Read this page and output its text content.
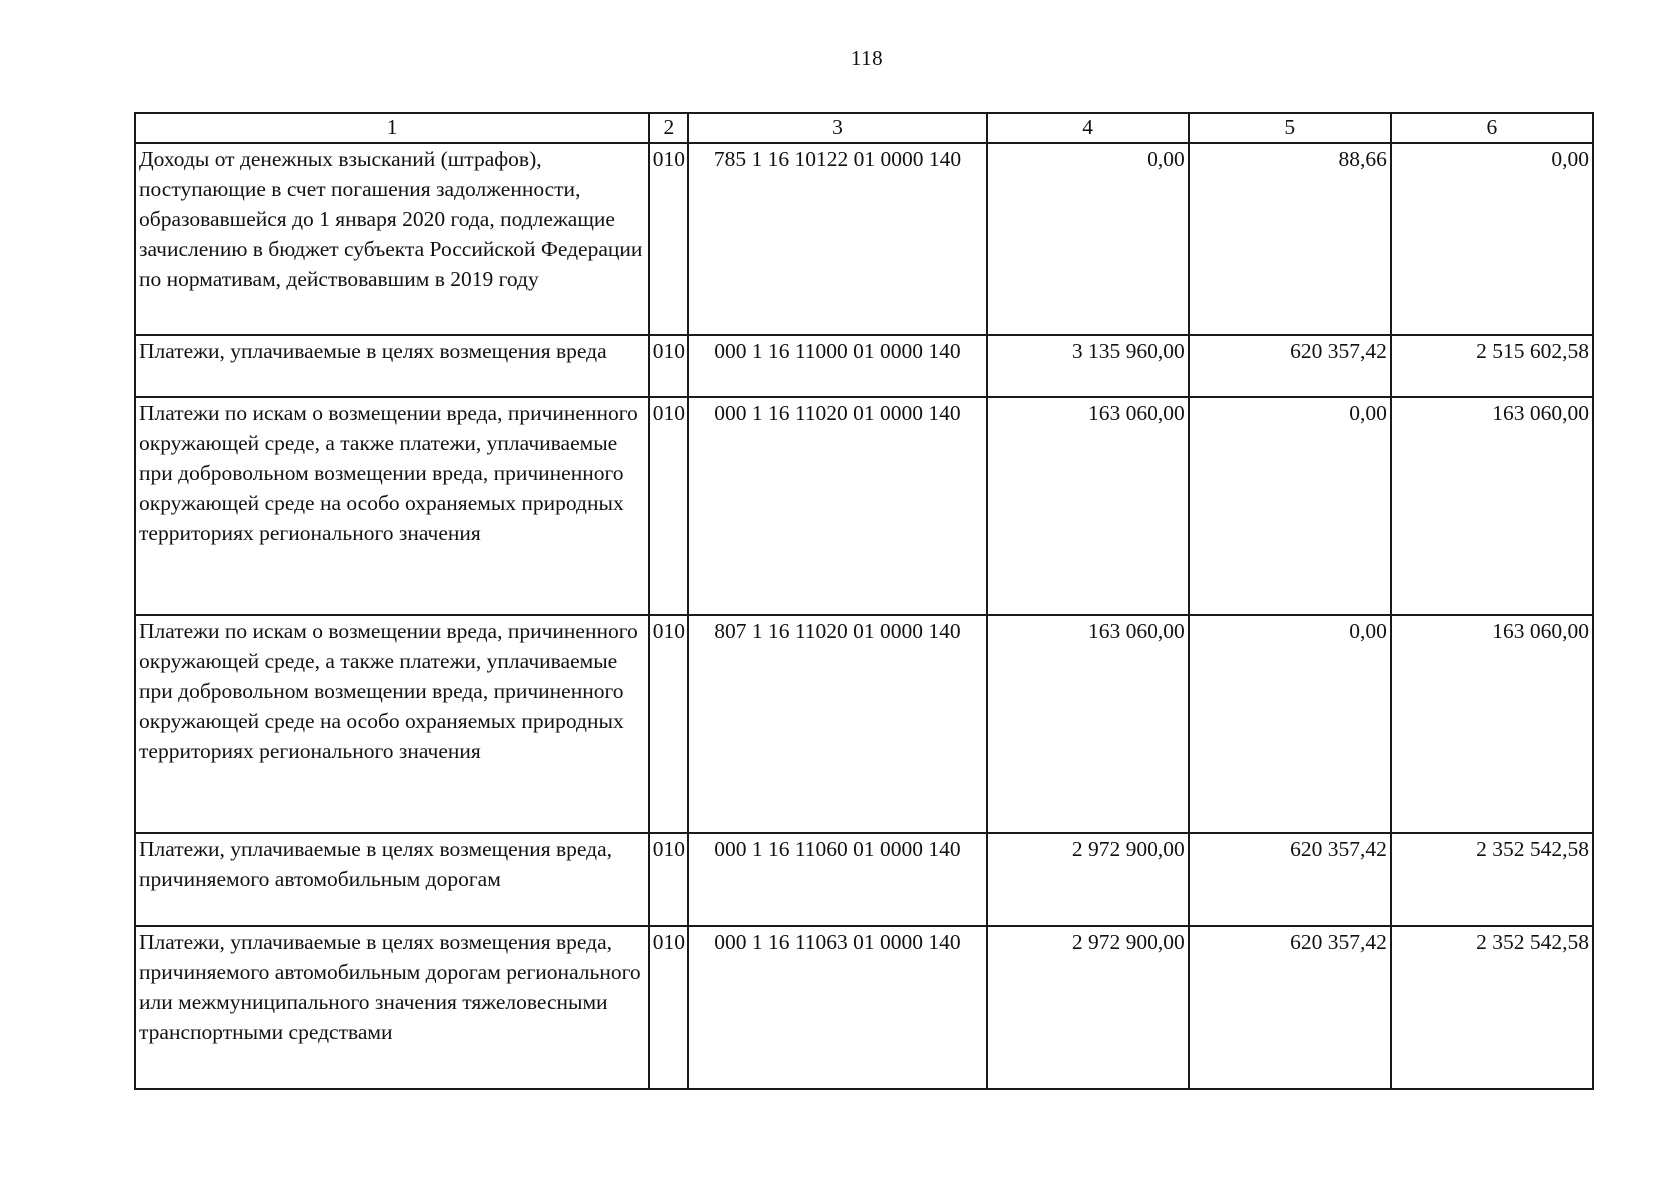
118
1	2	3	4	5	6
Доходы от денежных взысканий (штрафов), поступающие в счет погашения задолженности, образовавшейся до 1 января 2020 года, подлежащие зачислению в бюджет субъекта Российской Федерации по нормативам, действовавшим в 2019 году	010	785 1 16 10122 01 0000 140	0,00	88,66	0,00
Платежи, уплачиваемые в целях возмещения вреда	010	000 1 16 11000 01 0000 140	3 135 960,00	620 357,42	2 515 602,58
Платежи по искам о возмещении вреда, причиненного окружающей среде, а также платежи, уплачиваемые при добровольном возмещении вреда, причиненного окружающей среде на особо охраняемых природных территориях регионального значения	010	000 1 16 11020 01 0000 140	163 060,00	0,00	163 060,00
Платежи по искам о возмещении вреда, причиненного окружающей среде, а также платежи, уплачиваемые при добровольном возмещении вреда, причиненного окружающей среде на особо охраняемых природных территориях регионального значения	010	807 1 16 11020 01 0000 140	163 060,00	0,00	163 060,00
Платежи, уплачиваемые в целях возмещения вреда, причиняемого автомобильным дорогам	010	000 1 16 11060 01 0000 140	2 972 900,00	620 357,42	2 352 542,58
Платежи, уплачиваемые в целях возмещения вреда, причиняемого автомобильным дорогам регионального или межмуниципального значения тяжеловесными транспортными средствами	010	000 1 16 11063 01 0000 140	2 972 900,00	620 357,42	2 352 542,58
